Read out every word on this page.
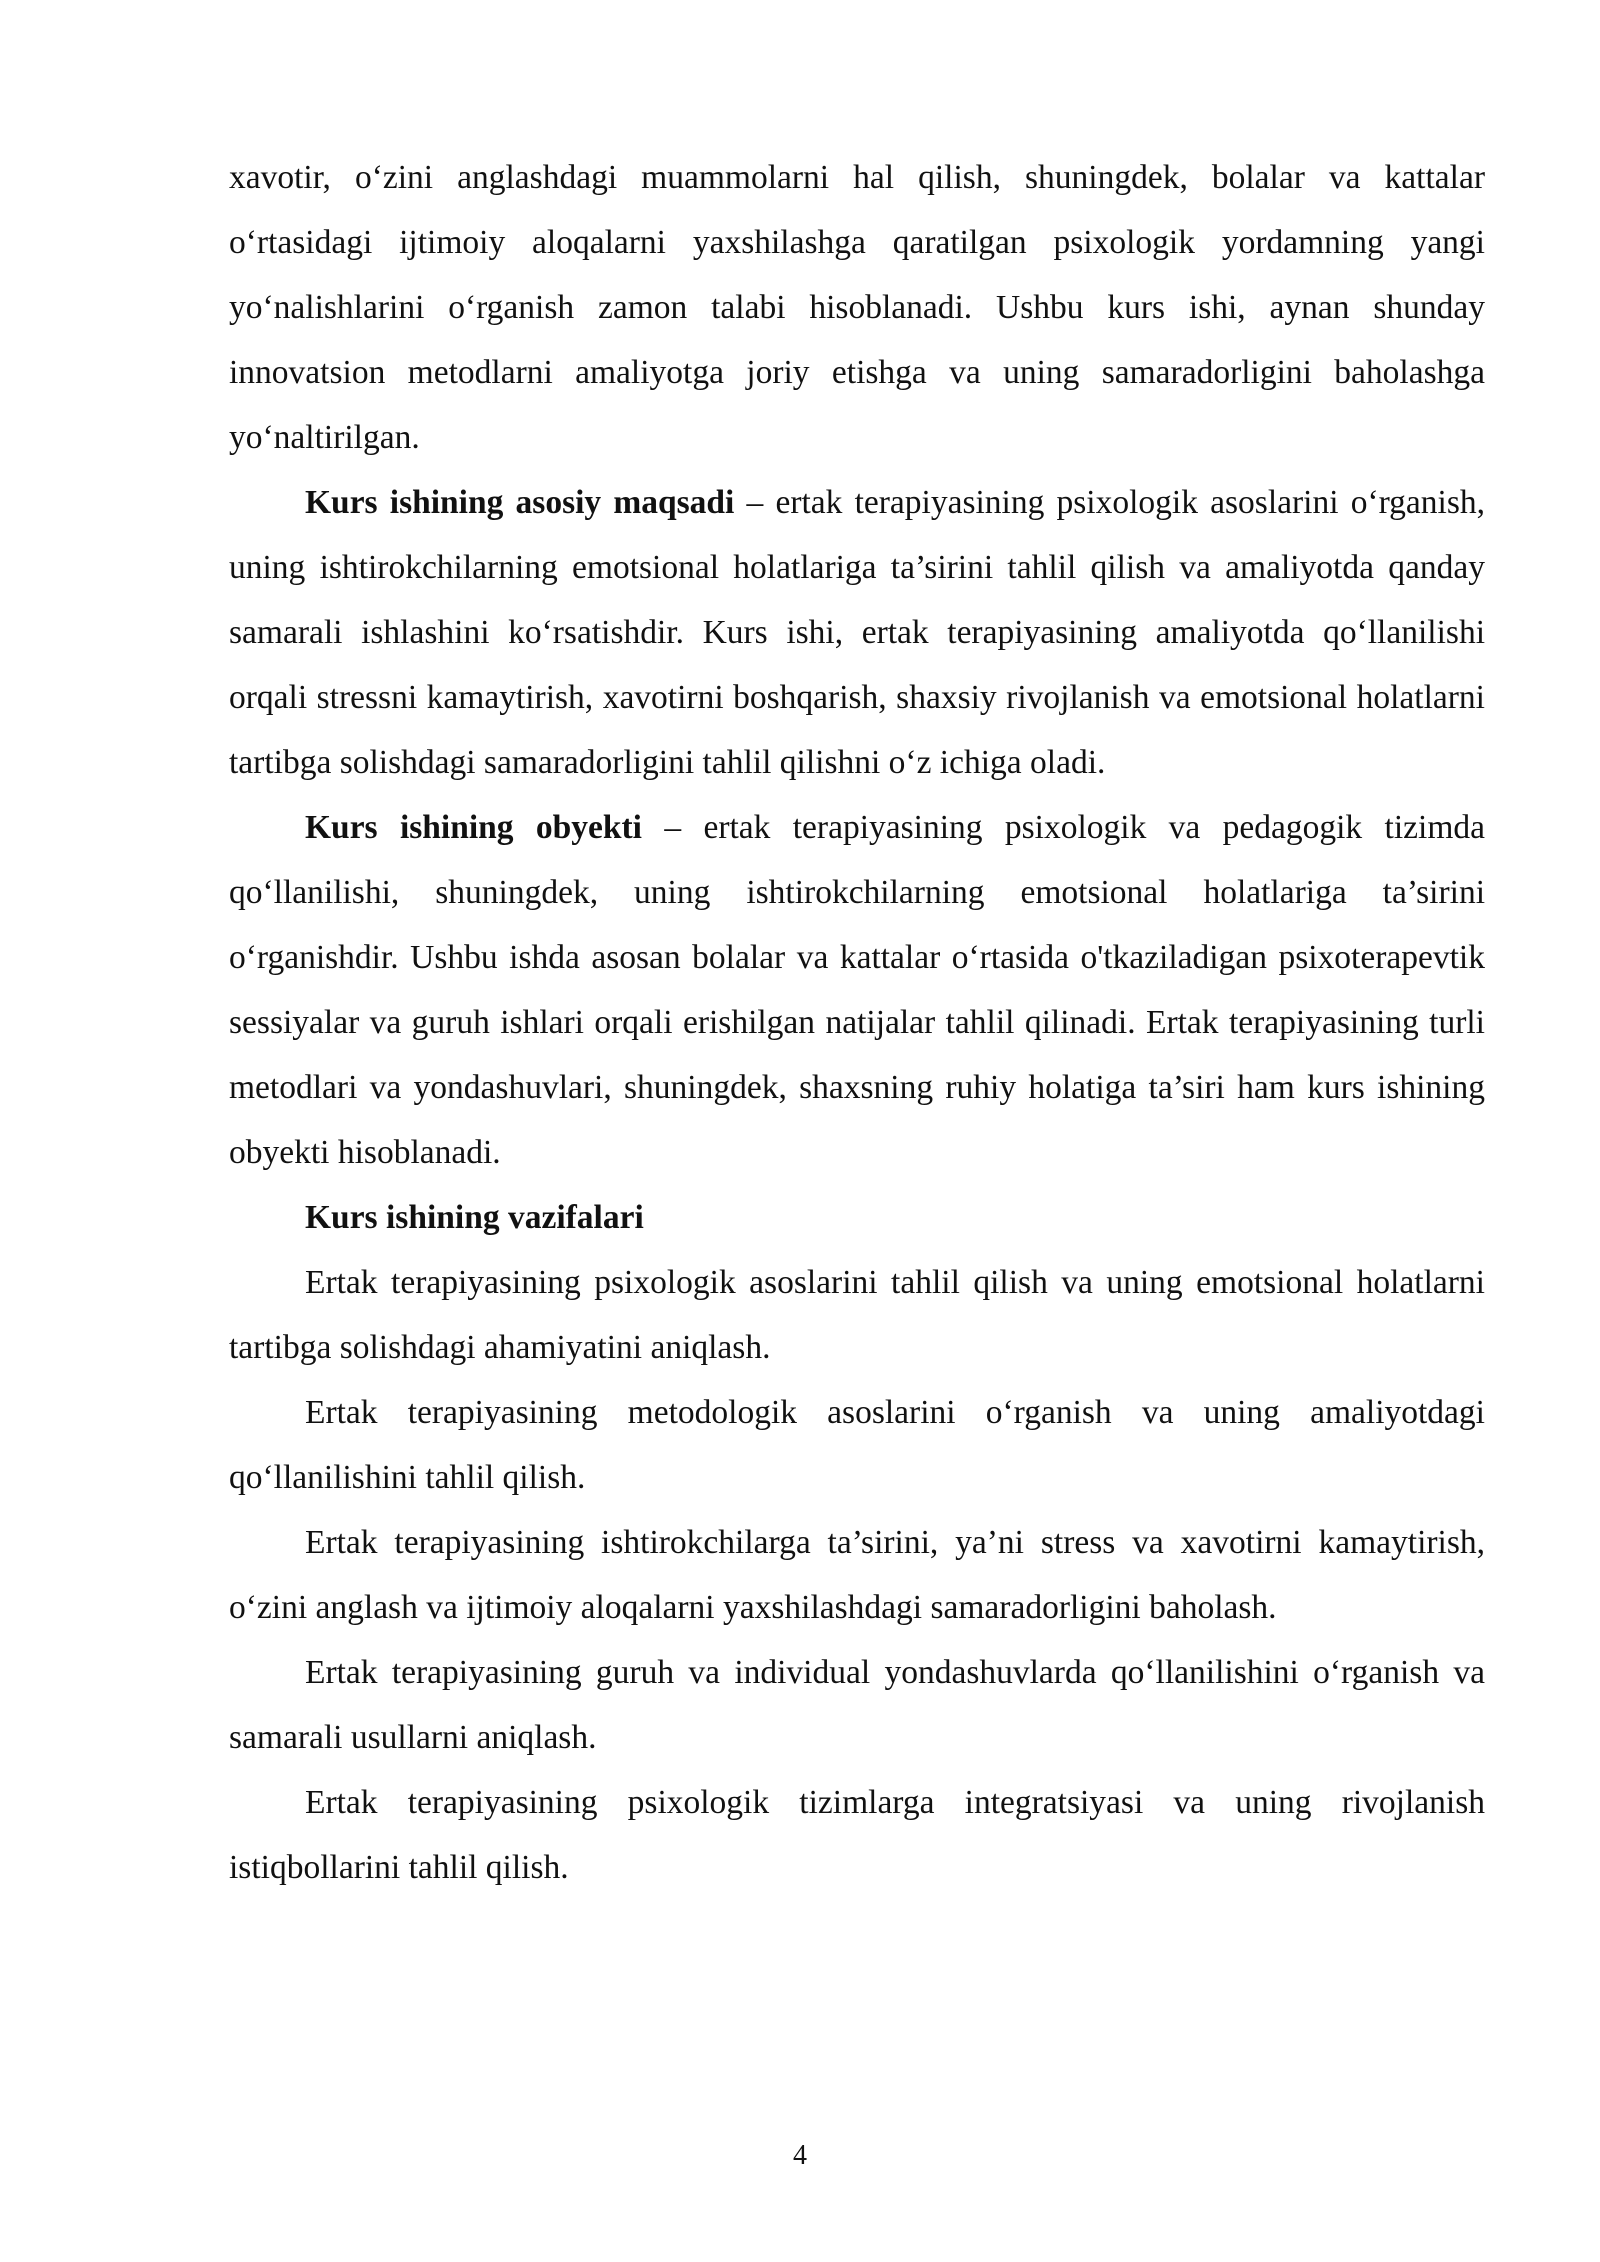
xavotir, o‘zini anglashdagi muammolarni hal qilish, shuningdek, bolalar va kattalar o‘rtasidagi ijtimoiy aloqalarni yaxshilashga qaratilgan psixologik yordamning yangi yo‘nalishlarini o‘rganish zamon talabi hisoblanadi. Ushbu kurs ishi, aynan shunday innovatsion metodlarni amaliyotga joriy etishga va uning samaradorligini baholashga yo‘naltirilgan.

Kurs ishining asosiy maqsadi – ertak terapiyasining psixologik asoslarini o‘rganish, uning ishtirokchilarning emotsional holatlariga ta’sirini tahlil qilish va amaliyotda qanday samarali ishlashini ko‘rsatishdir. Kurs ishi, ertak terapiyasining amaliyotda qo‘llanilishi orqali stressni kamaytirish, xavotirni boshqarish, shaxsiy rivojlanish va emotsional holatlarni tartibga solishdagi samaradorligini tahlil qilishni o‘z ichiga oladi.

Kurs ishining obyekti – ertak terapiyasining psixologik va pedagogik tizimda qo‘llanilishi, shuningdek, uning ishtirokchilarning emotsional holatlariga ta’sirini o‘rganishdir. Ushbu ishda asosan bolalar va kattalar o‘rtasida o'tkaziladigan psixoterapevtik sessiyalar va guruh ishlari orqali erishilgan natijalar tahlil qilinadi. Ertak terapiyasining turli metodlari va yondashuvlari, shuningdek, shaxsning ruhiy holatiga ta’siri ham kurs ishining obyekti hisoblanadi.

Kurs ishining vazifalari

Ertak terapiyasining psixologik asoslarini tahlil qilish va uning emotsional holatlarni tartibga solishdagi ahamiyatini aniqlash.

Ertak terapiyasining metodologik asoslarini o‘rganish va uning amaliyotdagi qo‘llanilishini tahlil qilish.

Ertak terapiyasining ishtirokchilarga ta’sirini, ya’ni stress va xavotirni kamaytirish, o‘zini anglash va ijtimoiy aloqalarni yaxshilashdagi samaradorligini baholash.

Ertak terapiyasining guruh va individual yondashuvlarda qo‘llanilishini o‘rganish va samarali usullarni aniqlash.

Ertak terapiyasining psixologik tizimlarga integratsiyasi va uning rivojlanish istiqbollarini tahlil qilish.

4
